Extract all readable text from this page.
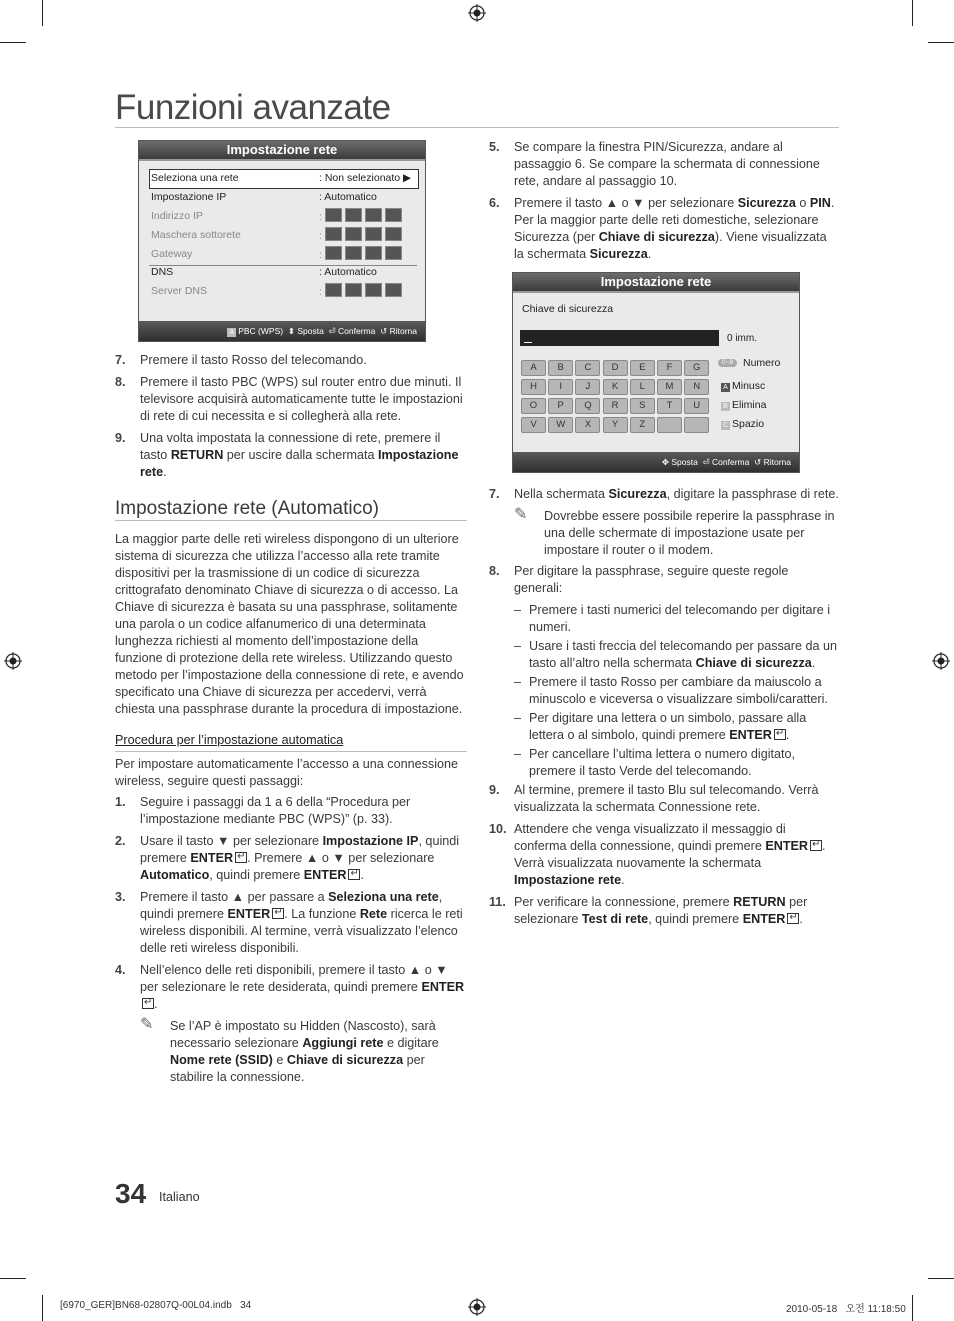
Funzioni avanzate
Impostazione rete
Seleziona una rete	: Non selezionato ▶
Impostazione IP	: Automatico
Indirizzo IP	:
Maschera sottorete	:
Gateway	:
DNS	: Automatico
Server DNS	:
A PBC (WPS) ⬍ Sposta ⏎ Conferma ↺ Ritorna
7. Premere il tasto Rosso del telecomando.
8. Premere il tasto PBC (WPS) sul router entro due minuti. Il televisore acquisirà automaticamente tutte le impostazioni di rete di cui necessita e si collegherà alla rete.
9. Una volta impostata la connessione di rete, premere il tasto RETURN per uscire dalla schermata Impostazione rete.
Impostazione rete (Automatico)
La maggior parte delle reti wireless dispongono di un ulteriore sistema di sicurezza che utilizza l’accesso alla rete tramite dispositivi per la trasmissione di un codice di sicurezza crittografato denominato Chiave di sicurezza o di accesso. La Chiave di sicurezza è basata su una passphrase, solitamente una parola o un codice alfanumerico di una determinata lunghezza richiesti al momento dell’impostazione della funzione di protezione della rete wireless. Utilizzando questo metodo per l’impostazione della connessione di rete, e avendo specificato una Chiave di sicurezza per accedervi, verrà chiesta una passphrase durante la procedura di impostazione.
Procedura per l’impostazione automatica
Per impostare automaticamente l’accesso a una connessione wireless, seguire questi passaggi:
1. Seguire i passaggi da 1 a 6 della “Procedura per l’impostazione mediante PBC (WPS)” (p. 33).
2. Usare il tasto ▼ per selezionare Impostazione IP, quindi premere ENTER ↵ . Premere ▲ o ▼ per selezionare Automatico, quindi premere ENTER ↵ .
3. Premere il tasto ▲ per passare a Seleziona una rete, quindi premere ENTER ↵ . La funzione Rete ricerca le reti wireless disponibili. Al termine, verrà visualizzato l’elenco delle reti wireless disponibili.
4. Nell’elenco delle reti disponibili, premere il tasto ▲ o ▼ per selezionare le rete desiderata, quindi premere ENTER↵.
✎ Se l’AP è impostato su Hidden (Nascosto), sarà necessario selezionare Aggiungi rete e digitare Nome rete (SSID) e Chiave di sicurezza per stabilire la connessione.
5. Se compare la finestra PIN/Sicurezza, andare al passaggio 6. Se compare la schermata di connessione rete, andare al passaggio 10.
6. Premere il tasto ▲ o ▼ per selezionare Sicurezza o PIN. Per la maggior parte delle reti domestiche, selezionare Sicurezza (per Chiave di sicurezza). Viene visualizzata la schermata Sicurezza.
Impostazione rete
Chiave di sicurezza
0 imm.
A	B	C	D	E	F	G
H	I	J	K	L	M	N
O	P	Q	R	S	T	U
V	W	X	Y	Z
0~9 Numero
A Minusc
B Elimina
C Spazio
✥ Sposta ⏎ Conferma ↺ Ritorna
7. Nella schermata Sicurezza, digitare la passphrase di rete.
✎ Dovrebbe essere possibile reperire la passphrase in una delle schermate di impostazione usate per impostare il router o il modem.
8. Per digitare la passphrase, seguire queste regole generali:
– Premere i tasti numerici del telecomando per digitare i numeri.
– Usare i tasti freccia del telecomando per passare da un tasto all’altro nella schermata Chiave di sicurezza.
– Premere il tasto Rosso per cambiare da maiuscolo a minuscolo e viceversa o visualizzare simboli/caratteri.
– Per digitare una lettera o un simbolo, passare alla lettera o al simbolo, quindi premere ENTER ↵ .
– Per cancellare l’ultima lettera o numero digitato, premere il tasto Verde del telecomando.
9. Al termine, premere il tasto Blu sul telecomando. Verrà visualizzata la schermata Connessione rete.
10. Attendere che venga visualizzato il messaggio di conferma della connessione, quindi premere ENTER ↵ . Verrà visualizzata nuovamente la schermata Impostazione rete.
11. Per verificare la connessione, premere RETURN per selezionare Test di rete, quindi premere ENTER ↵ .
34 Italiano
[6970_GER]BN68-02807Q-00L04.indb   34	2010-05-18   오전 11:18:50
